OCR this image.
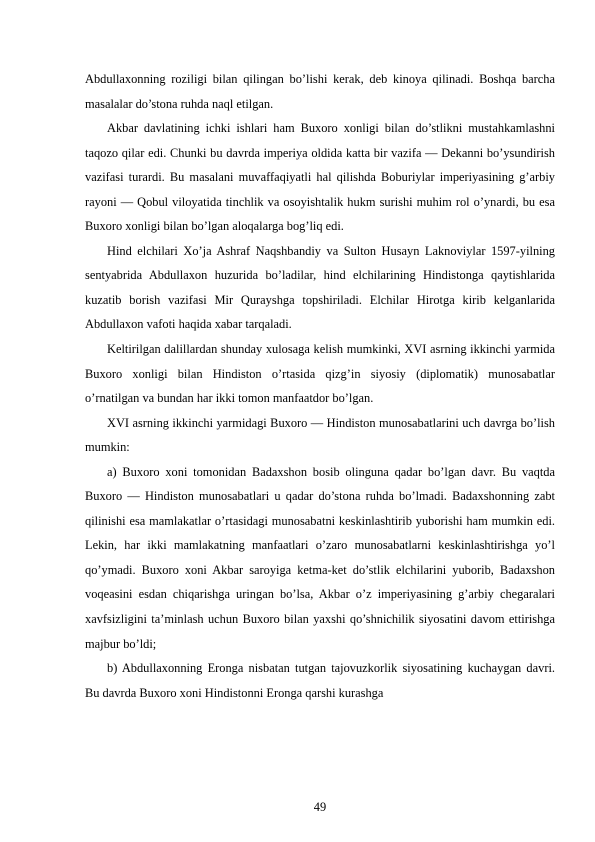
Abdullaxonning roziligi bilan qilingan bo’lishi kerak, deb kinoya qilinadi. Boshqa barcha masalalar do’stona ruhda naql etilgan.

Akbar davlatining ichki ishlari ham Buxoro xonligi bilan do’stlikni mustahkamlashni taqozo qilar edi. Chunki bu davrda imperiya oldida katta bir vazifa — Dekanni bo’ysundirish vazifasi turardi. Bu masalani muvaffaqiyatli hal qilishda Boburiylar imperiyasining g’arbiy rayoni — Qobul viloyatida tinchlik va osoyishtalik hukm surishi muhim rol o’ynardi, bu esa Buxoro xonligi bilan bo’lgan aloqalarga bog’liq edi.

Hind elchilari Xo’ja Ashraf Naqshbandiy va Sulton Husayn Laknoviylar 1597-yilning sentyabrida Abdullaxon huzurida bo’ladilar, hind elchilarining Hindistonga qaytishlarida kuzatib borish vazifasi Mir Qurayshga topshiriladi. Elchilar Hirotga kirib kelganlarida Abdullaxon vafoti haqida xabar tarqaladi.

Keltirilgan dalillardan shunday xulosaga kelish mumkinki, XVI asrning ikkinchi yarmida Buxoro xonligi bilan Hindiston o’rtasida qizg’in siyosiy (diplomatik) munosabatlar o’rnatilgan va bundan har ikki tomon manfaatdor bo’lgan.

XVI asrning ikkinchi yarmidagi Buxoro — Hindiston munosabatlarini uch davrga bo’lish mumkin:

a) Buxoro xoni tomonidan Badaxshon bosib olinguna qadar bo’lgan davr. Bu vaqtda Buxoro — Hindiston munosabatlari u qadar do’stona ruhda bo’lmadi. Badaxshonning zabt qilinishi esa mamlakatlar o’rtasidagi munosabatni keskinlashtirib yuborishi ham mumkin edi. Lekin, har ikki mamlakatning manfaatlari o’zaro munosabatlarni keskinlashtirishga yo’l qo’ymadi. Buxoro xoni Akbar saroyiga ketma-ket do’stlik elchilarini yuborib, Badaxshon voqeasini esdan chiqarishga uringan bo’lsa, Akbar o’z imperiyasining g’arbiy chegaralari xavfsizligini ta’minlash uchun Buxoro bilan yaxshi qo’shnichilik siyosatini davom ettirishga majbur bo’ldi;

b) Abdullaxonning Eronga nisbatan tutgan tajovuzkorlik siyosatining kuchaygan davri. Bu davrda Buxoro xoni Hindistonni Eronga qarshi kurashga

49
